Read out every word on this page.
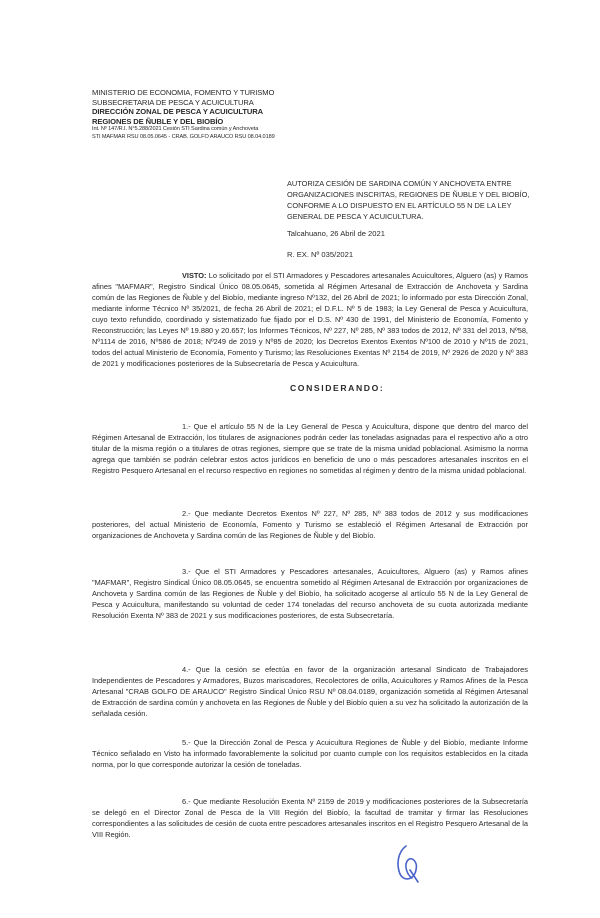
MINISTERIO DE ECONOMIA, FOMENTO Y TURISMO
SUBSECRETARIA DE PESCA Y ACUICULTURA
DIRECCIÓN ZONAL DE PESCA Y ACUICULTURA
REGIONES DE ÑUBLE Y DEL BIOBÍO
Int. Nº 147/R.I. N°5.288/2021 Cesión STI Sardina común y Anchoveta
STI MAFMAR RSU 08.05.0645 - CRAB. GOLFO ARAUCO RSU 08.04.0189
AUTORIZA CESIÓN DE SARDINA COMÚN Y ANCHOVETA ENTRE ORGANIZACIONES INSCRITAS, REGIONES DE ÑUBLE Y DEL BIOBÍO, CONFORME A LO DISPUESTO EN EL ARTÍCULO 55 N DE LA LEY GENERAL DE PESCA Y ACUICULTURA.
Talcahuano, 26 Abril de 2021
R. EX. Nº 035/2021
VISTO: Lo solicitado por el STI Armadores y Pescadores artesanales Acuicultores, Alguero (as) y Ramos afines "MAFMAR", Registro Sindical Único 08.05.0645, sometida al Régimen Artesanal de Extracción de Anchoveta y Sardina común de las Regiones de Ñuble y del Biobío, mediante ingreso Nº132, del 26 Abril de 2021; lo informado por esta Dirección Zonal, mediante informe Técnico Nº 35/2021, de fecha 26 Abril de 2021; el D.F.L. Nº 5 de 1983; la Ley General de Pesca y Acuicultura, cuyo texto refundido, coordinado y sistematizado fue fijado por el D.S. Nº 430 de 1991, del Ministerio de Economía, Fomento y Reconstrucción; las Leyes Nº 19.880 y 20.657; los Informes Técnicos, Nº 227, Nº 285, Nº 383 todos de 2012, Nº 331 del 2013, Nº58, Nº1114 de 2016, Nº586 de 2018; Nº249 de 2019 y Nº85 de 2020; los Decretos Exentos Exentos Nº100 de 2010 y Nº15 de 2021, todos del actual Ministerio de Economía, Fomento y Turismo; las Resoluciones Exentas Nº 2154 de 2019, Nº 2926 de 2020 y Nº 383 de 2021 y modificaciones posteriores de la Subsecretaría de Pesca y Acuicultura.
CONSIDERANDO:
1.- Que el artículo 55 N de la Ley General de Pesca y Acuicultura, dispone que dentro del marco del Régimen Artesanal de Extracción, los titulares de asignaciones podrán ceder las toneladas asignadas para el respectivo año a otro titular de la misma región o a titulares de otras regiones, siempre que se trate de la misma unidad poblacional. Asimismo la norma agrega que también se podrán celebrar estos actos jurídicos en beneficio de uno o más pescadores artesanales inscritos en el Registro Pesquero Artesanal en el recurso respectivo en regiones no sometidas al régimen y dentro de la misma unidad poblacional.
2.- Que mediante Decretos Exentos Nº 227, Nº 285, Nº 383 todos de 2012 y sus modificaciones posteriores, del actual Ministerio de Economía, Fomento y Turismo se estableció el Régimen Artesanal de Extracción por organizaciones de Anchoveta y Sardina común de las Regiones de Ñuble y del Biobío.
3.- Que el STI Armadores y Pescadores artesanales, Acuicultores, Alguero (as) y Ramos afines "MAFMAR", Registro Sindical Único 08.05.0645, se encuentra sometido al Régimen Artesanal de Extracción por organizaciones de Anchoveta y Sardina común de las Regiones de Ñuble y del Biobío, ha solicitado acogerse al artículo 55 N de la Ley General de Pesca y Acuicultura, manifestando su voluntad de ceder 174 toneladas del recurso anchoveta de su cuota autorizada mediante Resolución Exenta Nº 383 de 2021 y sus modificaciones posteriores, de esta Subsecretaría.
4.- Que la cesión se efectúa en favor de la organización artesanal Sindicato de Trabajadores Independientes de Pescadores y Armadores, Buzos mariscadores, Recolectores de orilla, Acuicultores y Ramos Afines de la Pesca Artesanal "CRAB GOLFO DE ARAUCO" Registro Sindical Único RSU Nº 08.04.0189, organización sometida al Régimen Artesanal de Extracción de sardina común y anchoveta en las Regiones de Ñuble y del Biobío quien a su vez ha solicitado la autorización de la señalada cesión.
5.- Que la Dirección Zonal de Pesca y Acuicultura Regiones de Ñuble y del Biobío, mediante Informe Técnico señalado en Visto ha informado favorablemente la solicitud por cuanto cumple con los requisitos establecidos en la citada norma, por lo que corresponde autorizar la cesión de toneladas.
6.- Que mediante Resolución Exenta Nº 2159 de 2019 y modificaciones posteriores de la Subsecretaría se delegó en el Director Zonal de Pesca de la VIII Región del Biobío, la facultad de tramitar y firmar las Resoluciones correspondientes a las solicitudes de cesión de cuota entre pescadores artesanales inscritos en el Registro Pesquero Artesanal de la VIII Región.
